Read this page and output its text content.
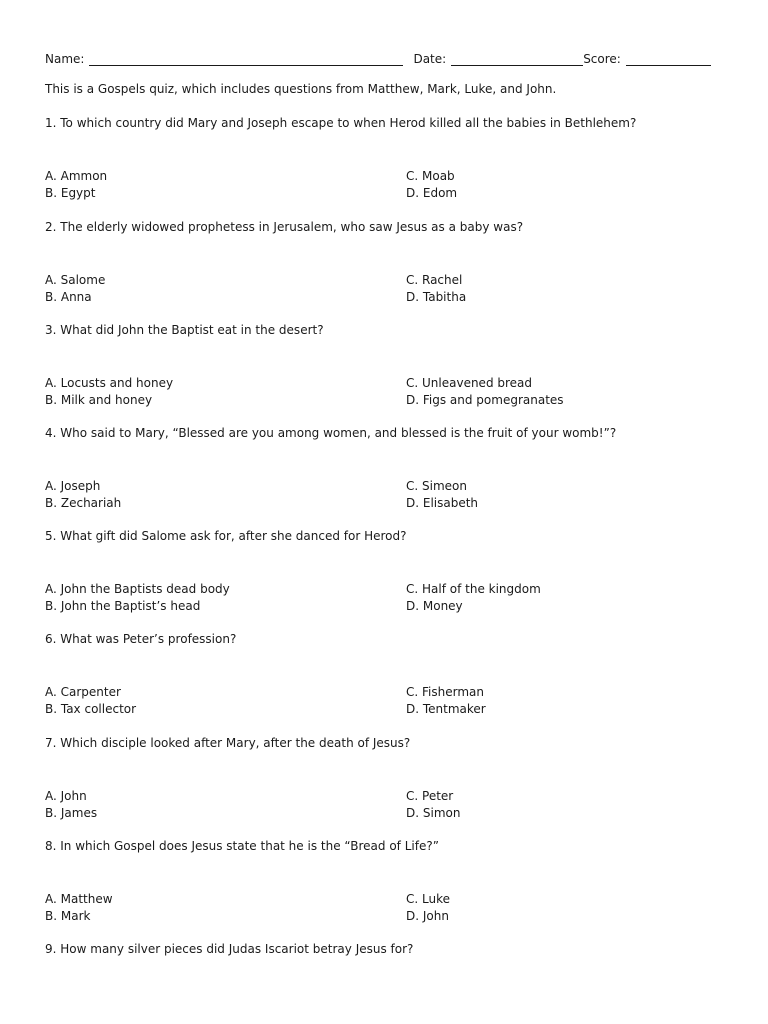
Name:	Date:	Score:
This is a Gospels quiz, which includes questions from Matthew, Mark, Luke, and John.
1. To which country did Mary and Joseph escape to when Herod killed all the babies in Bethlehem?
A. Ammon
B. Egypt
C. Moab
D. Edom
2. The elderly widowed prophetess in Jerusalem, who saw Jesus as a baby was?
A. Salome
B. Anna
C. Rachel
D. Tabitha
3. What did John the Baptist eat in the desert?
A. Locusts and honey
B. Milk and honey
C. Unleavened bread
D. Figs and pomegranates
4. Who said to Mary, “Blessed are you among women, and blessed is the fruit of your womb!”?
A. Joseph
B. Zechariah
C. Simeon
D. Elisabeth
5. What gift did Salome ask for, after she danced for Herod?
A. John the Baptists dead body
B. John the Baptist’s head
C. Half of the kingdom
D. Money
6. What was Peter’s profession?
A. Carpenter
B. Tax collector
C. Fisherman
D. Tentmaker
7. Which disciple looked after Mary, after the death of Jesus?
A. John
B. James
C. Peter
D. Simon
8. In which Gospel does Jesus state that he is the “Bread of Life?”
A. Matthew
B. Mark
C. Luke
D. John
9. How many silver pieces did Judas Iscariot betray Jesus for?
